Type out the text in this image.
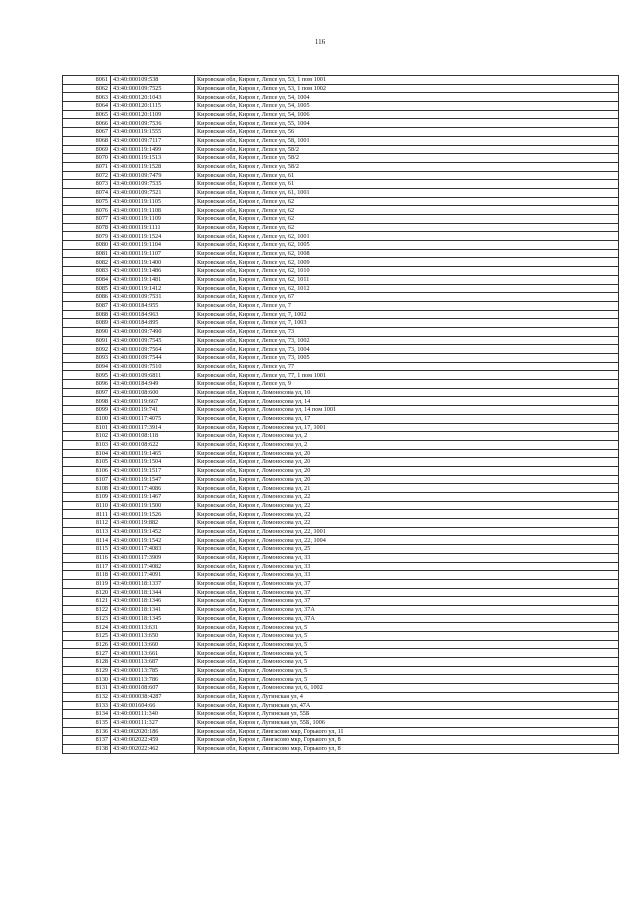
116
8061	43:40:000109:538	Кировская обл, Киров г, Лепсе ул, 53, 1 пом 1001
8062	43:40:000109:7525	Кировская обл, Киров г, Лепсе ул, 53, 1 пом 1002
8063	43:40:000120:1043	Кировская обл, Киров г, Лепсе ул, 54, 1004
8064	43:40:000120:1115	Кировская обл, Киров г, Лепсе ул, 54, 1005
8065	43:40:000120:1109	Кировская обл, Киров г, Лепсе ул, 54, 1006
8066	43:40:000109:7536	Кировская обл, Киров г, Лепсе ул, 55, 1004
8067	43:40:000119:1555	Кировская обл, Киров г, Лепсе ул, 56
8068	43:40:000109:7117	Кировская обл, Киров г, Лепсе ул, 58, 1001
8069	43:40:000119:1499	Кировская обл, Киров г, Лепсе ул, 58/2
8070	43:40:000119:1513	Кировская обл, Киров г, Лепсе ул, 58/2
8071	43:40:000119:1528	Кировская обл, Киров г, Лепсе ул, 58/2
8072	43:40:000109:7479	Кировская обл, Киров г, Лепсе ул, 61
8073	43:40:000109:7535	Кировская обл, Киров г, Лепсе ул, 61
8074	43:40:000109:7521	Кировская обл, Киров г, Лепсе ул, 61, 1001
8075	43:40:000119:1105	Кировская обл, Киров г, Лепсе ул, 62
8076	43:40:000119:1108	Кировская обл, Киров г, Лепсе ул, 62
8077	43:40:000119:1109	Кировская обл, Киров г, Лепсе ул, 62
8078	43:40:000119:1111	Кировская обл, Киров г, Лепсе ул, 62
8079	43:40:000119:1524	Кировская обл, Киров г, Лепсе ул, 62, 1001
8080	43:40:000119:1104	Кировская обл, Киров г, Лепсе ул, 62, 1005
8081	43:40:000119:1107	Кировская обл, Киров г, Лепсе ул, 62, 1008
8082	43:40:000119:1400	Кировская обл, Киров г, Лепсе ул, 62, 1009
8083	43:40:000119:1486	Кировская обл, Киров г, Лепсе ул, 62, 1010
8084	43:40:000119:1481	Кировская обл, Киров г, Лепсе ул, 62, 1011
8085	43:40:000119:1412	Кировская обл, Киров г, Лепсе ул, 62, 1012
8086	43:40:000109:7531	Кировская обл, Киров г, Лепсе ул, 67
8087	43:40:000184:955	Кировская обл, Киров г, Лепсе ул, 7
8088	43:40:000184:963	Кировская обл, Киров г, Лепсе ул, 7, 1002
8089	43:40:000184:895	Кировская обл, Киров г, Лепсе ул, 7, 1003
8090	43:40:000109:7490	Кировская обл, Киров г, Лепсе ул, 73
8091	43:40:000109:7545	Кировская обл, Киров г, Лепсе ул, 73, 1002
8092	43:40:000109:7564	Кировская обл, Киров г, Лепсе ул, 73, 1004
8093	43:40:000109:7544	Кировская обл, Киров г, Лепсе ул, 73, 1005
8094	43:40:000109:7510	Кировская обл, Киров г, Лепсе ул, 77
8095	43:40:000109:6811	Кировская обл, Киров г, Лепсе ул, 77, 1 пом 1001
8096	43:40:000184:949	Кировская обл, Киров г, Лепсе ул, 9
8097	43:40:000108:600	Кировская обл, Киров г, Ломоносова ул, 10
8098	43:40:000119:667	Кировская обл, Киров г, Ломоносова ул, 14
8099	43:40:000119:741	Кировская обл, Киров г, Ломоносова ул, 14 пом 1001
8100	43:40:000117:4075	Кировская обл, Киров г, Ломоносова ул, 17
8101	43:40:000117:3914	Кировская обл, Киров г, Ломоносова ул, 17, 1001
8102	43:40:000108:118	Кировская обл, Киров г, Ломоносова ул, 2
8103	43:40:000108:622	Кировская обл, Киров г, Ломоносова ул, 2
8104	43:40:000119:1465	Кировская обл, Киров г, Ломоносова ул, 20
8105	43:40:000119:1504	Кировская обл, Киров г, Ломоносова ул, 20
8106	43:40:000119:1517	Кировская обл, Киров г, Ломоносова ул, 20
8107	43:40:000119:1547	Кировская обл, Киров г, Ломоносова ул, 20
8108	43:40:000117:4086	Кировская обл, Киров г, Ломоносова ул, 21
8109	43:40:000119:1467	Кировская обл, Киров г, Ломоносова ул, 22
8110	43:40:000119:1500	Кировская обл, Киров г, Ломоносова ул, 22
8111	43:40:000119:1526	Кировская обл, Киров г, Ломоносова ул, 22
8112	43:40:000119:882	Кировская обл, Киров г, Ломоносова ул, 22
8113	43:40:000119:1452	Кировская обл, Киров г, Ломоносова ул, 22, 1001
8114	43:40:000119:1542	Кировская обл, Киров г, Ломоносова ул, 22, 1004
8115	43:40:000117:4083	Кировская обл, Киров г, Ломоносова ул, 25
8116	43:40:000117:3909	Кировская обл, Киров г, Ломоносова ул, 33
8117	43:40:000117:4082	Кировская обл, Киров г, Ломоносова ул, 33
8118	43:40:000117:4091	Кировская обл, Киров г, Ломоносова ул, 33
8119	43:40:000118:1337	Кировская обл, Киров г, Ломоносова ул, 37
8120	43:40:000118:1344	Кировская обл, Киров г, Ломоносова ул, 37
8121	43:40:000118:1346	Кировская обл, Киров г, Ломоносова ул, 37
8122	43:40:000118:1341	Кировская обл, Киров г, Ломоносова ул, 37А
8123	43:40:000118:1345	Кировская обл, Киров г, Ломоносова ул, 37А
8124	43:40:000113:631	Кировская обл, Киров г, Ломоносова ул, 5
8125	43:40:000113:650	Кировская обл, Киров г, Ломоносова ул, 5
8126	43:40:000113:660	Кировская обл, Киров г, Ломоносова ул, 5
8127	43:40:000113:661	Кировская обл, Киров г, Ломоносова ул, 5
8128	43:40:000113:687	Кировская обл, Киров г, Ломоносова ул, 5
8129	43:40:000113:785	Кировская обл, Киров г, Ломоносова ул, 5
8130	43:40:000113:786	Кировская обл, Киров г, Ломоносова ул, 5
8131	43:40:000108:607	Кировская обл, Киров г, Ломоносова ул, 6, 1002
8132	43:40:000038:4287	Кировская обл, Киров г, Лугинская ул, 4
8133	43:40:001604:66	Кировская обл, Киров г, Лугинская ул, 47А
8134	43:40:000111:340	Кировская обл, Киров г, Лугинская ул, 55Б
8135	43:40:000111:327	Кировская обл, Киров г, Лугинская ул, 55Б, 1006
8136	43:40:002020:186	Кировская обл, Киров г, Лянгасово мкр, Горького ул, 11
8137	43:40:002022:459	Кировская обл, Киров г, Лянгасово мкр, Горького ул, 8
8138	43:40:002022:462	Кировская обл, Киров г, Лянгасово мкр, Горького ул, 8
